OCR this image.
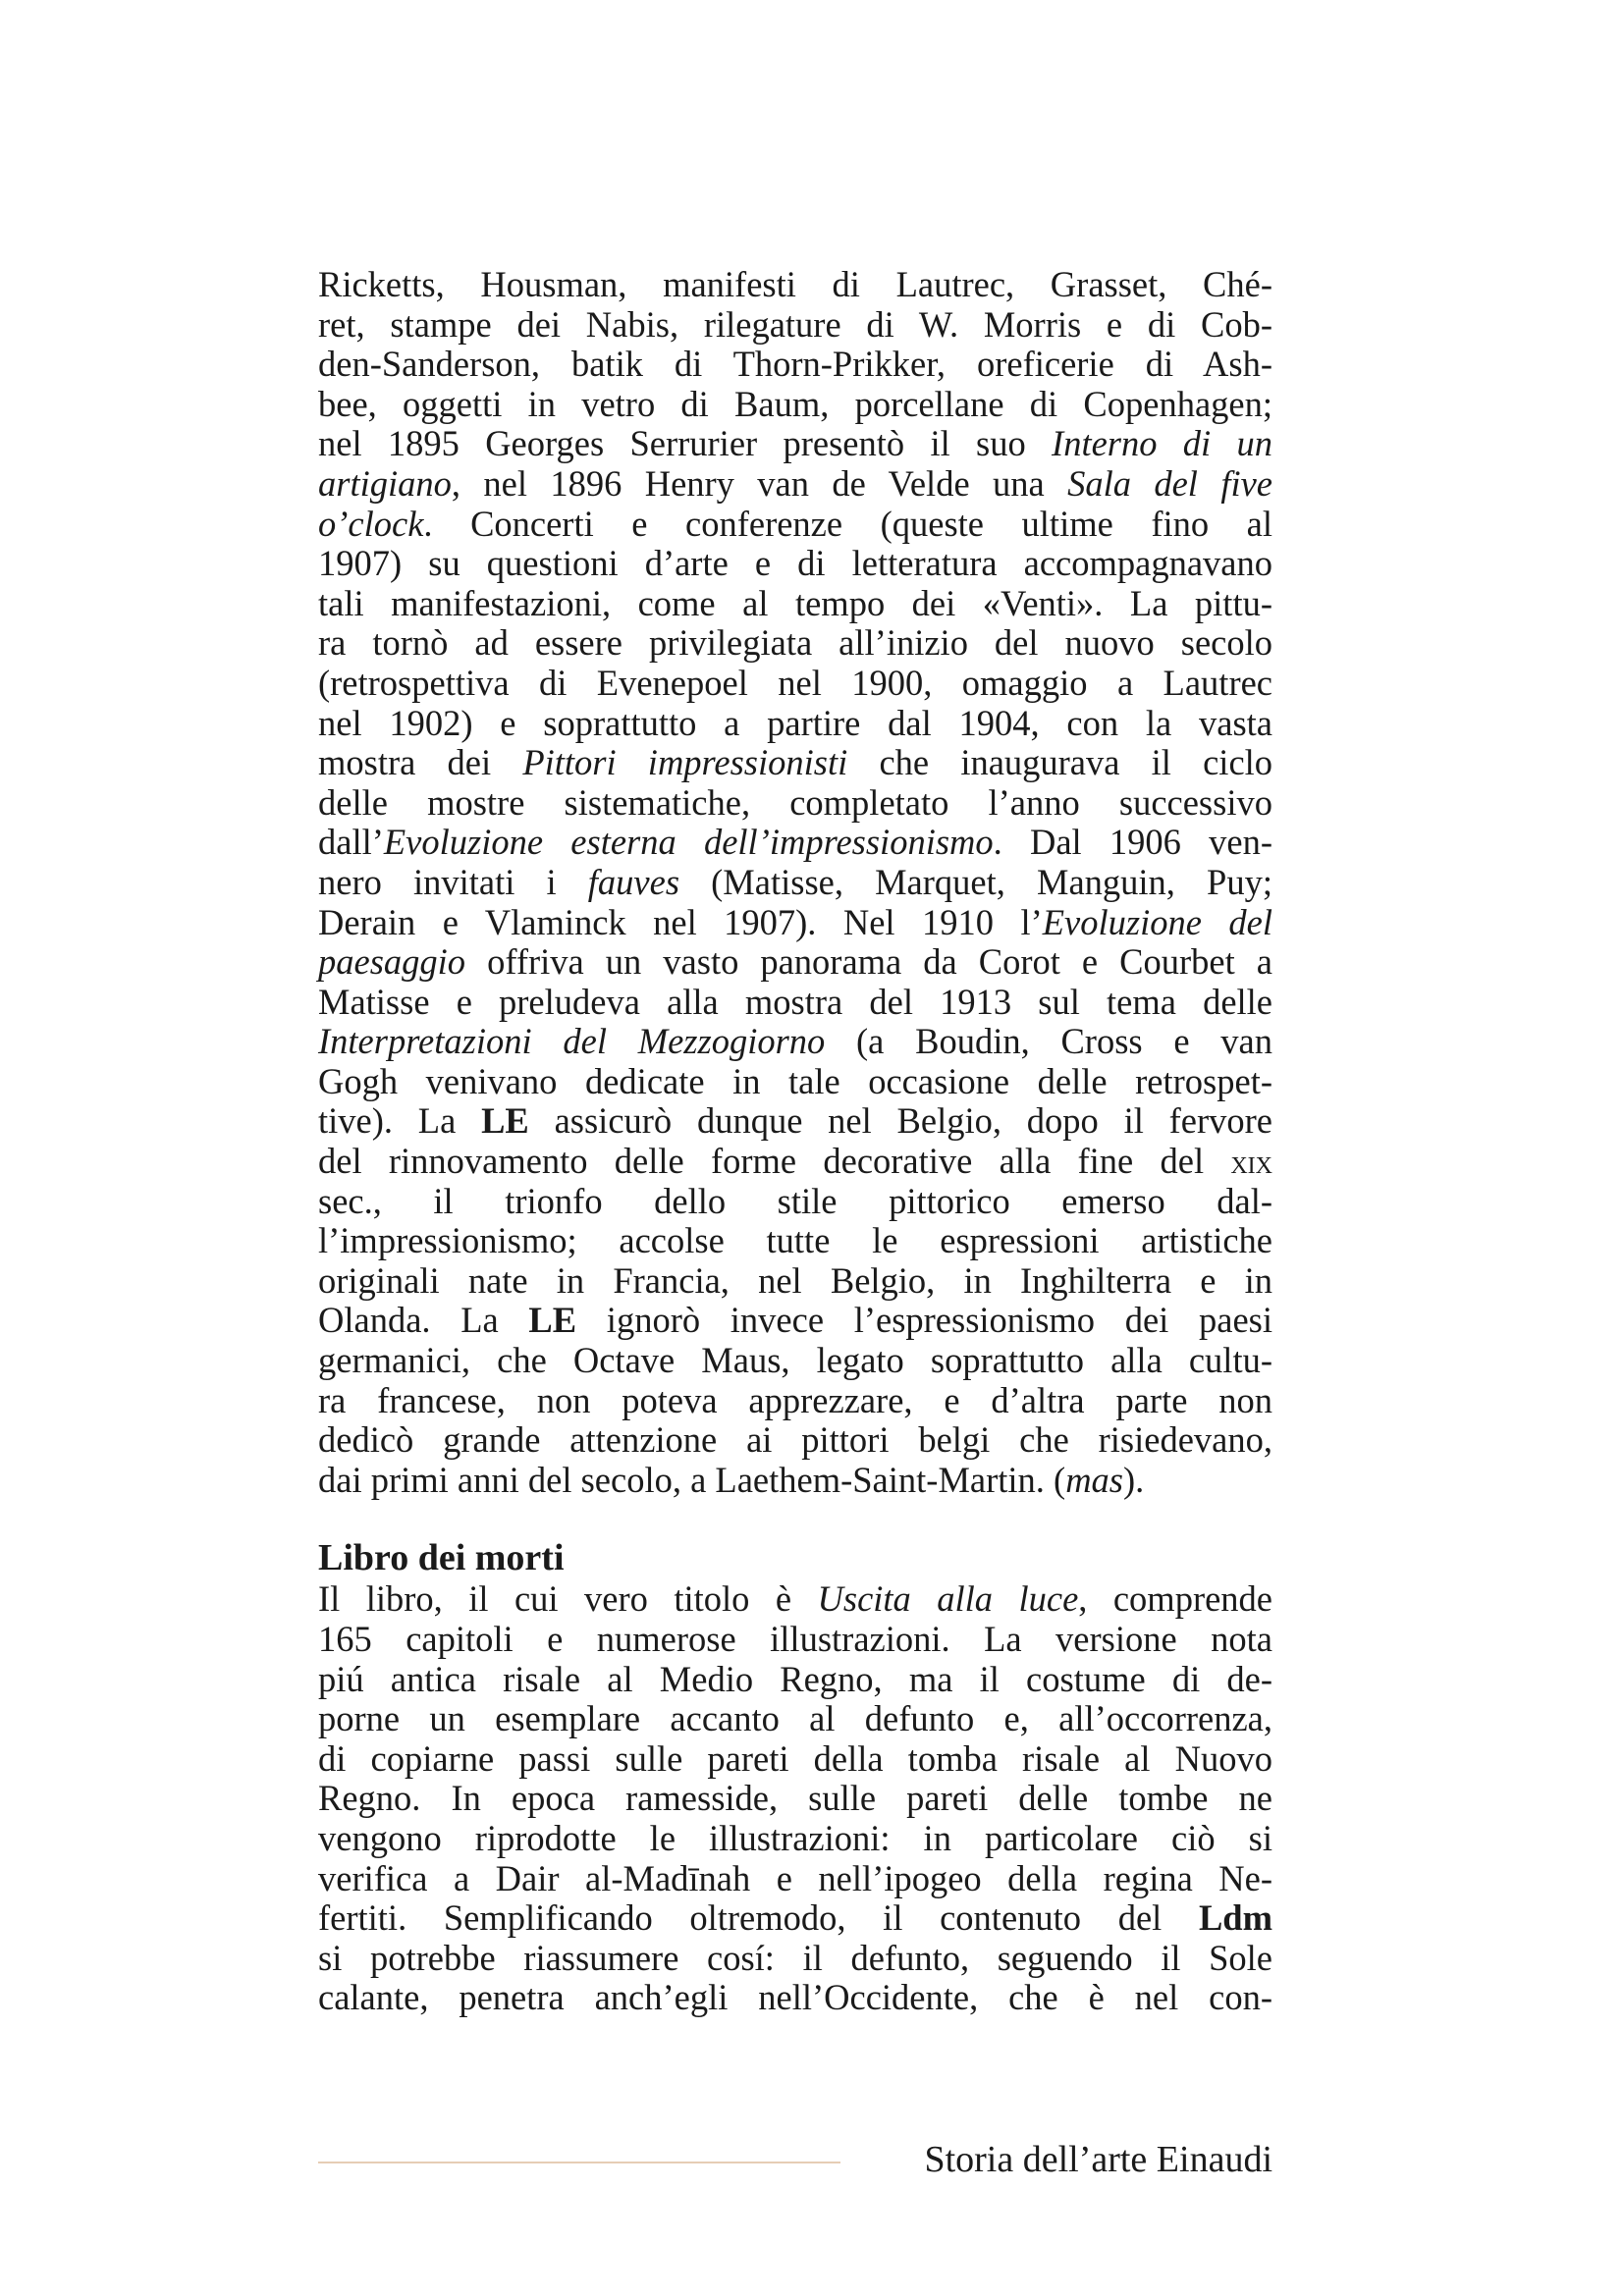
Ricketts, Housman, manifesti di Lautrec, Grasset, Ché-
ret, stampe dei Nabis, rilegature di W. Morris e di Cob-
den-Sanderson, batik di Thorn-Prikker, oreficerie di Ash-
bee, oggetti in vetro di Baum, porcellane di Copenhagen;
nel 1895 Georges Serrurier presentò il suo Interno di un
artigiano, nel 1896 Henry van de Velde una Sala del five
o’clock. Concerti e conferenze (queste ultime fino al
1907) su questioni d’arte e di letteratura accompagnavano
tali manifestazioni, come al tempo dei «Venti». La pittu-
ra tornò ad essere privilegiata all’inizio del nuovo secolo
(retrospettiva di Evenepoel nel 1900, omaggio a Lautrec
nel 1902) e soprattutto a partire dal 1904, con la vasta
mostra dei Pittori impressionisti che inaugurava il ciclo
delle mostre sistematiche, completato l’anno successivo
dall’Evoluzione esterna dell’impressionismo. Dal 1906 ven-
nero invitati i fauves (Matisse, Marquet, Manguin, Puy;
Derain e Vlaminck nel 1907). Nel 1910 l’Evoluzione del
paesaggio offriva un vasto panorama da Corot e Courbet a
Matisse e preludeva alla mostra del 1913 sul tema delle
Interpretazioni del Mezzogiorno (a Boudin, Cross e van
Gogh venivano dedicate in tale occasione delle retrospet-
tive). La LE assicurò dunque nel Belgio, dopo il fervore
del rinnovamento delle forme decorative alla fine del xix
sec., il trionfo dello stile pittorico emerso dal-
l’impressionismo; accolse tutte le espressioni artistiche
originali nate in Francia, nel Belgio, in Inghilterra e in
Olanda. La LE ignorò invece l’espressionismo dei paesi
germanici, che Octave Maus, legato soprattutto alla cultu-
ra francese, non poteva apprezzare, e d’altra parte non
dedicò grande attenzione ai pittori belgi che risiedevano,
dai primi anni del secolo, a Laethem-Saint-Martin. (mas).
Libro dei morti
Il libro, il cui vero titolo è Uscita alla luce, comprende
165 capitoli e numerose illustrazioni. La versione nota
piú antica risale al Medio Regno, ma il costume di de-
porne un esemplare accanto al defunto e, all’occorrenza,
di copiarne passi sulle pareti della tomba risale al Nuovo
Regno. In epoca ramesside, sulle pareti delle tombe ne
vengono riprodotte le illustrazioni: in particolare ciò si
verifica a Dair al-Madīnah e nell’ipogeo della regina Ne-
fertiti. Semplificando oltremodo, il contenuto del Ldm
si potrebbe riassumere cosí: il defunto, seguendo il Sole
calante, penetra anch’egli nell’Occidente, che è nel con-
Storia dell’arte Einaudi
